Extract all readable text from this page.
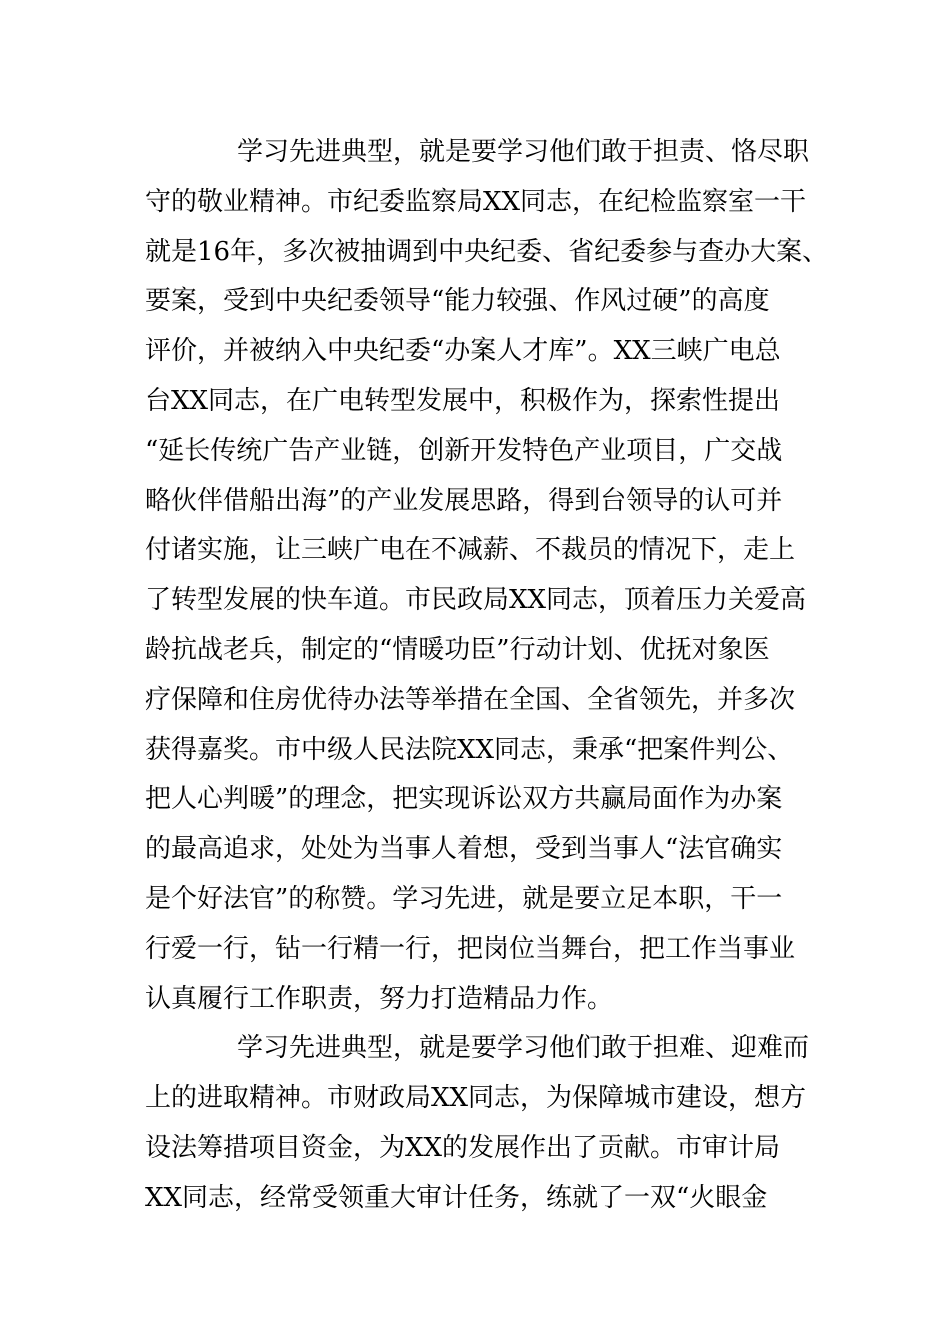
学习先进典型，就是要学习他们敢于担责、恪尽职
守的敬业精神。市纪委监察局XX同志，在纪检监察室一干
就是16年，多次被抽调到中央纪委、省纪委参与查办大案、
要案，受到中央纪委领导“能力较强、作风过硬”的高度
评价，并被纳入中央纪委“办案人才库”。XX三峡广电总
台XX同志，在广电转型发展中，积极作为，探索性提出
“延长传统广告产业链，创新开发特色产业项目，广交战
略伙伴借船出海”的产业发展思路，得到台领导的认可并
付诸实施，让三峡广电在不减薪、不裁员的情况下，走上
了转型发展的快车道。市民政局XX同志，顶着压力关爱高
龄抗战老兵，制定的“情暖功臣”行动计划、优抚对象医
疗保障和住房优待办法等举措在全国、全省领先，并多次
获得嘉奖。市中级人民法院XX同志，秉承“把案件判公、
把人心判暖”的理念，把实现诉讼双方共赢局面作为办案
的最高追求，处处为当事人着想，受到当事人“法官确实
是个好法官”的称赞。学习先进，就是要立足本职，干一
行爱一行，钻一行精一行，把岗位当舞台，把工作当事业
认真履行工作职责，努力打造精品力作。
学习先进典型，就是要学习他们敢于担难、迎难而
上的进取精神。市财政局XX同志，为保障城市建设，想方
设法筹措项目资金，为XX的发展作出了贡献。市审计局
XX同志，经常受领重大审计任务，练就了一双“火眼金
